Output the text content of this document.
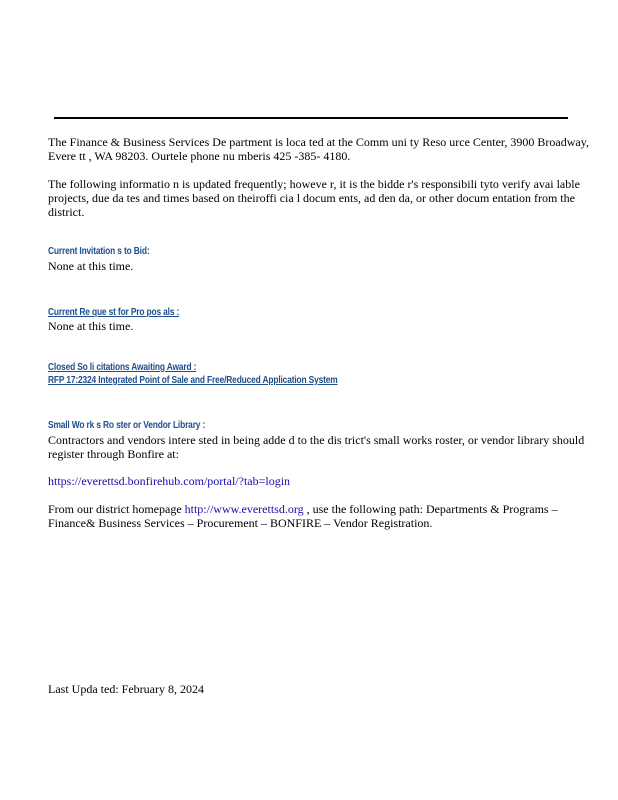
The Finance & Business Services De partment is loca ted at the Comm uni ty Reso urce Center, 3900 Broadway, Evere tt , WA 98203. Ourtele phone nu mberis 425 -385- 4180.

The following informatio n is updated frequently; howeve r, it is the bidde r's responsibili tyto verify avai lable projects, due da tes and times based on theiroffi cia l docum ents, ad den da, or other docum entation from the district.

Current Invitation s to Bid:
None at this time.
Current Re que st for Pro pos als :
None at this time.
Closed So li citations Awaiting Award :
RFP 17:2324 Integrated Point of Sale and Free/Reduced Application System
Small Wo rk s Ro ster or Vendor Library :

Contractors and vendors intere sted in being adde d to the dis trict's small works roster, or vendor library should register through Bonfire at:

https://everettsd.bonfirehub.com/portal/?tab=login

From our district homepage http://www.everettsd.org , use the following path: Departments & Programs – Finance& Business Services – Procurement – BONFIRE – Vendor Registration.

Last Upda ted: February 8, 2024
